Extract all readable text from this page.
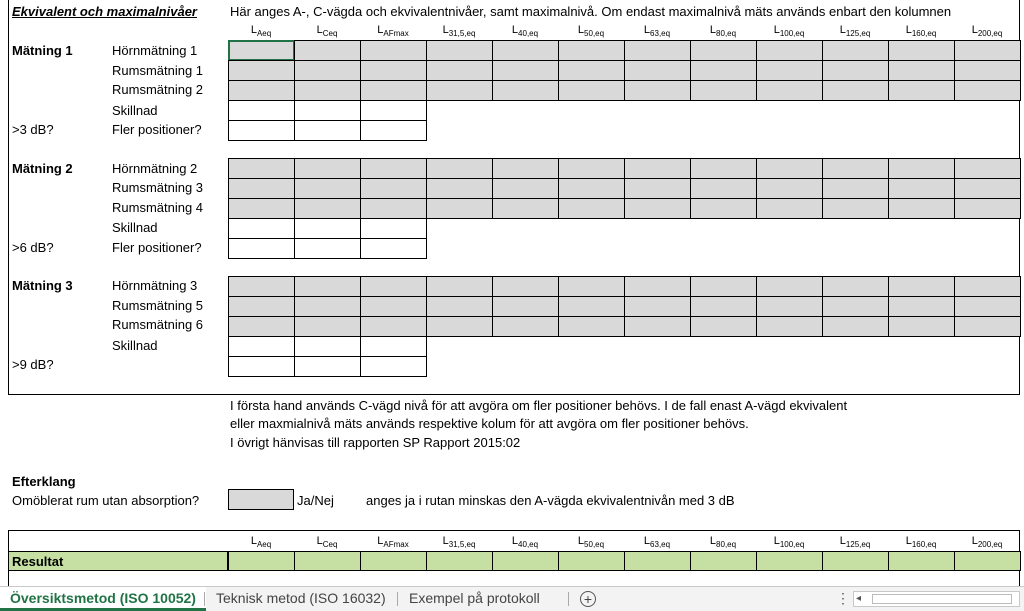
Ekvivalent och maximalnivåer	Här anges A-, C-vägda och ekvivalentnivåer, samt maximalnivå. Om endast maximalnivå mäts används enbart den kolumnen
$L_{Aeq}$	$L_{Ceq}$	$L_{AFmax}$	$L_{31,5,eq}$	$L_{40,eq}$	$L_{50,eq}$	$L_{63,eq}$	$L_{80,eq}$	$L_{100,eq}$	$L_{125,eq}$	$L_{160,eq}$	$L_{200,eq}$
Mätning 1	Hörnmätning 1
Rumsmätning 1
Rumsmätning 2
Skillnad
>3 dB?	Fler positioner?
Mätning 2	Hörnmätning 2
Rumsmätning 3
Rumsmätning 4
Skillnad
>6 dB?	Fler positioner?
Mätning 3	Hörnmätning 3
Rumsmätning 5
Rumsmätning 6
Skillnad
>9 dB?
I första hand används C-vägd nivå för att avgöra om fler positioner behövs. I de fall enast A-vägd ekvivalent
eller maxmialnivå mäts används respektive kolum för att avgöra om fler positioner behövs.
I övrigt hänvisas till rapporten SP Rapport 2015:02
Efterklang
Omöblerat rum utan absorption?	Ja/Nej anges ja i rutan minskas den A-vägda ekvivalentnivån med 3 dB
$L_{Aeq}$	$L_{Ceq}$	$L_{AFmax}$	$L_{31,5,eq}$	$L_{40,eq}$	$L_{50,eq}$	$L_{63,eq}$	$L_{80,eq}$	$L_{100,eq}$	$L_{125,eq}$	$L_{160,eq}$	$L_{200,eq}$
Resultat
Översiktsmetod (ISO 10052)	Teknisk metod (ISO 16032)	Exempel på protokoll	+	⋮ ◂
